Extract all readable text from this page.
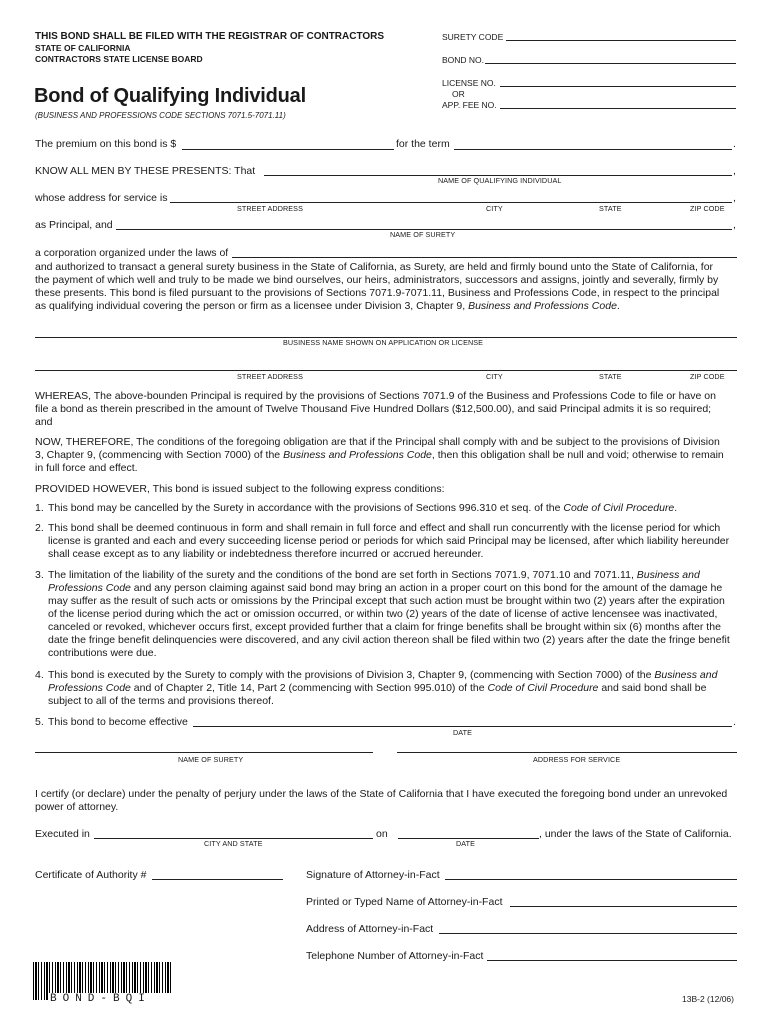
THIS BOND SHALL BE FILED WITH THE REGISTRAR OF CONTRACTORS
STATE OF CALIFORNIA
CONTRACTORS STATE LICENSE BOARD
SURETY CODE
BOND NO.
LICENSE NO.
OR
APP. FEE NO.
Bond of Qualifying Individual
(BUSINESS AND PROFESSIONS CODE SECTIONS 7071.5-7071.11)
The premium on this bond is $	for the term	.
KNOW ALL MEN BY THESE PRESENTS: That	,
NAME OF QUALIFYING INDIVIDUAL
whose address for service is	,
STREET ADDRESS	CITY	STATE	ZIP CODE
as Principal, and	,
NAME OF SURETY
a corporation organized under the laws of
and authorized to transact a general surety business in the State of California, as Surety, are held and firmly bound unto the State of California, for
the payment of which well and truly to be made we bind ourselves, our heirs, administrators, successors and assigns, jointly and severally, firmly by
these presents. This bond is filed pursuant to the provisions of Sections 7071.9-7071.11, Business and Professions Code, in respect to the principal
as qualifying individual covering the person or firm as a licensee under Division 3, Chapter 9, Business and Professions Code.
BUSINESS NAME SHOWN ON APPLICATION OR LICENSE
STREET ADDRESS	CITY	STATE	ZIP CODE
WHEREAS, The above-bounden Principal is required by the provisions of Sections 7071.9 of the Business and Professions Code to file or have on
file a bond as therein prescribed in the amount of Twelve Thousand Five Hundred Dollars ($12,500.00), and said Principal admits it is so required;
and
NOW, THEREFORE, The conditions of the foregoing obligation are that if the Principal shall comply with and be subject to the provisions of Division
3, Chapter 9, (commencing with Section 7000) of the Business and Professions Code, then this obligation shall be null and void; otherwise to remain
in full force and effect.
PROVIDED HOWEVER, This bond is issued subject to the following express conditions:
1. This bond may be cancelled by the Surety in accordance with the provisions of Sections 996.310 et seq. of the Code of Civil Procedure.
2. This bond shall be deemed continuous in form and shall remain in full force and effect and shall run concurrently with the license period for which
license is granted and each and every succeeding license period or periods for which said Principal may be licensed, after which liability hereunder
shall cease except as to any liability or indebtedness therefore incurred or accrued hereunder.
3. The limitation of the liability of the surety and the conditions of the bond are set forth in Sections 7071.9, 7071.10 and 7071.11, Business and
Professions Code and any person claiming against said bond may bring an action in a proper court on this bond for the amount of the damage he
may suffer as the result of such acts or omissions by the Principal except that such action must be brought within two (2) years after the expiration
of the license period during which the act or omission occurred, or within two (2) years of the date of license of active lencensee was inactivated,
canceled or revoked, whichever occurs first, except provided further that a claim for fringe benefits shall be brought within six (6) months after the
date the fringe benefit delinquencies were discovered, and any civil action thereon shall be filed within two (2) years after the date the fringe benefit
contributions were due.
4. This bond is executed by the Surety to comply with the provisions of Division 3, Chapter 9, (commencing with Section 7000) of the Business and
Professions Code and of Chapter 2, Title 14, Part 2 (commencing with Section 995.010) of the Code of Civil Procedure and said bond shall be
subject to all of the terms and provisions thereof.
5. This bond to become effective	.
DATE
NAME OF SURETY	ADDRESS FOR SERVICE
I certify (or declare) under the penalty of perjury under the laws of the State of California that I have executed the foregoing bond under an unrevoked
power of attorney.
Executed in	on	, under the laws of the State of California.
CITY AND STATE	DATE
Certificate of Authority #	Signature of Attorney-in-Fact
Printed or Typed Name of Attorney-in-Fact
Address of Attorney-in-Fact
Telephone Number of Attorney-in-Fact
BOND-BQI	13B-2 (12/06)
